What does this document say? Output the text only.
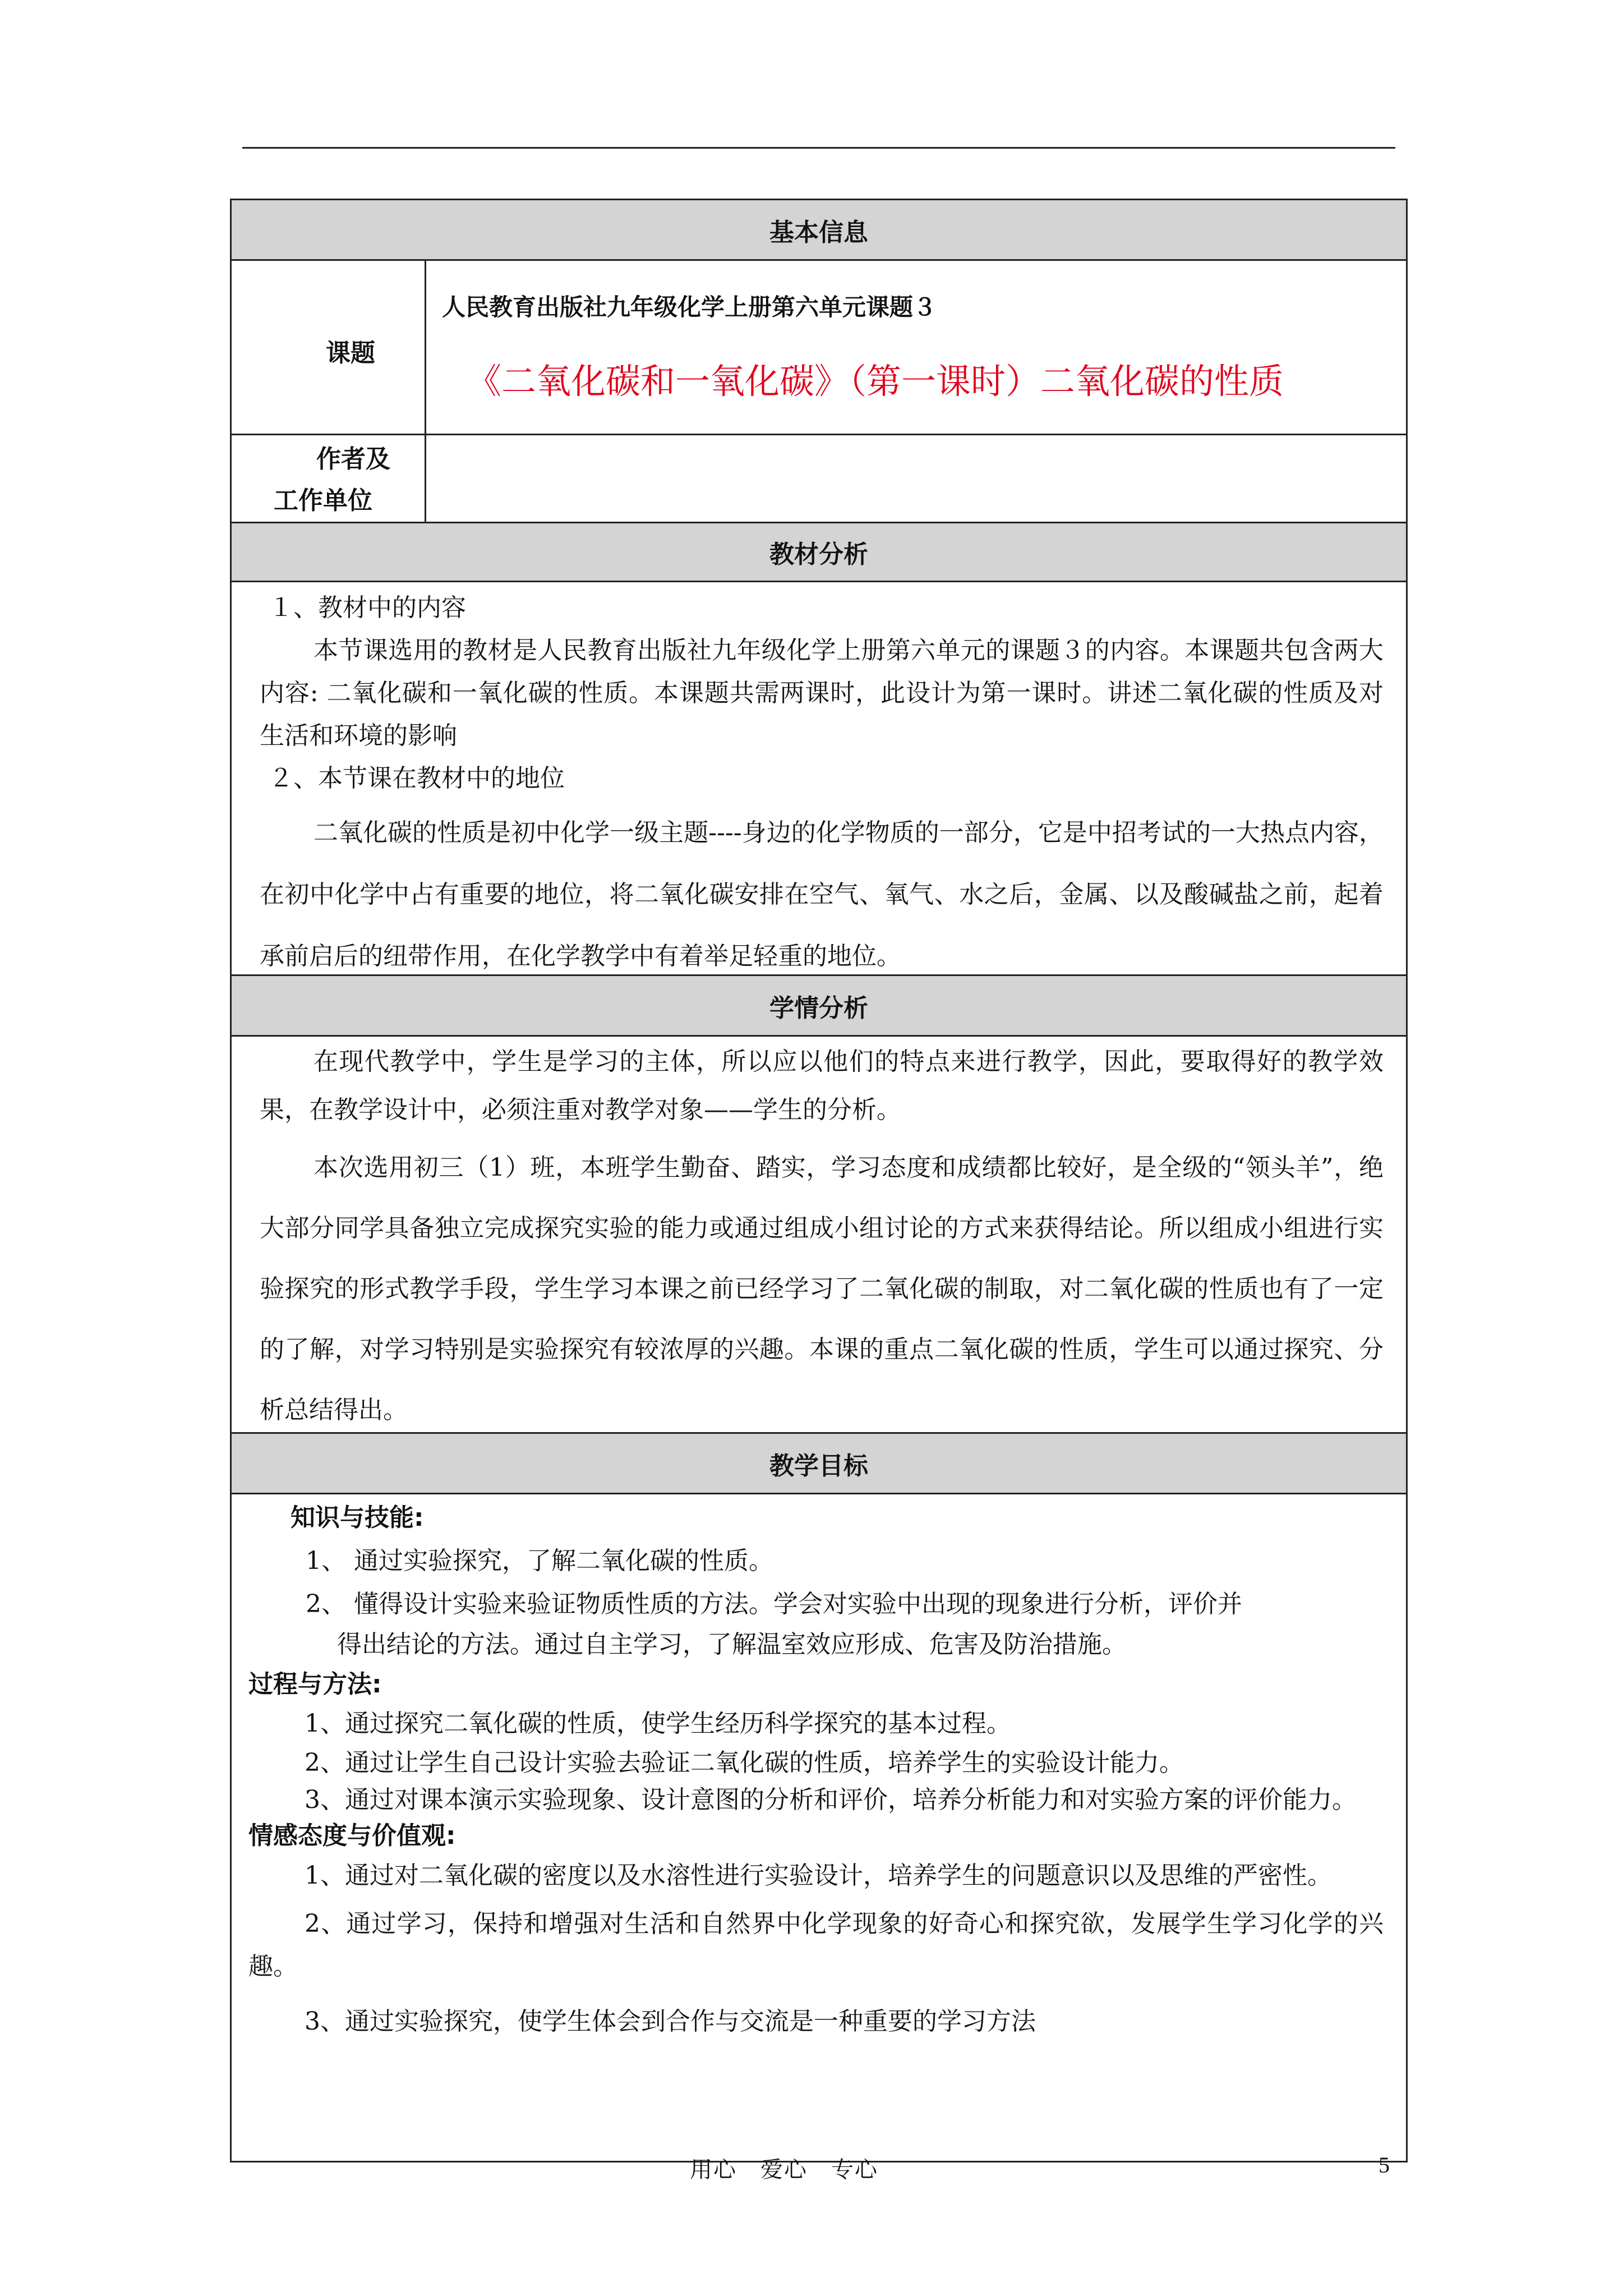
基本信息
课题
人民教育出版社九年级化学上册第六单元课题３
《二氧化碳和一氧化碳》（第一课时）二氧化碳的性质
作者及
工作单位
教材分析

１、教材中的内容

本节课选用的教材是人民教育出版社九年级化学上册第六单元的课题３的内容。本课题共包含两大内容: 二氧化碳和一氧化碳的性质。本课题共需两课时，此设计为第一课时。讲述二氧化碳的性质及对生活和环境的影响

２、本节课在教材中的地位

二氧化碳的性质是初中化学一级主题----身边的化学物质的一部分，它是中招考试的一大热点内容，在初中化学中占有重要的地位，将二氧化碳安排在空气、氧气、水之后，金属、以及酸碱盐之前，起着承前启后的纽带作用，在化学教学中有着举足轻重的地位。

学情分析

在现代教学中，学生是学习的主体，所以应以他们的特点来进行教学，因此，要取得好的教学效果，在教学设计中，必须注重对教学对象——学生的分析。

本次选用初三（1）班，本班学生勤奋、踏实，学习态度和成绩都比较好，是全级的“领头羊”，绝大部分同学具备独立完成探究实验的能力或通过组成小组讨论的方式来获得结论。所以组成小组进行实验探究的形式教学手段，学生学习本课之前已经学习了二氧化碳的制取，对二氧化碳的性质也有了一定的了解，对学习特别是实验探究有较浓厚的兴趣。本课的重点二氧化碳的性质，学生可以通过探究、分析总结得出。

教学目标

知识与技能:

1、 通过实验探究，了解二氧化碳的性质。

2、 懂得设计实验来验证物质性质的方法。学会对实验中出现的现象进行分析，评价并

得出结论的方法。通过自主学习，了解温室效应形成、危害及防治措施。

过程与方法:

1、通过探究二氧化碳的性质，使学生经历科学探究的基本过程。

2、通过让学生自己设计实验去验证二氧化碳的性质，培养学生的实验设计能力。

3、通过对课本演示实验现象、设计意图的分析和评价，培养分析能力和对实验方案的评价能力。

情感态度与价值观:

1、通过对二氧化碳的密度以及水溶性进行实验设计，培养学生的问题意识以及思维的严密性。

2、通过学习，保持和增强对生活和自然界中化学现象的好奇心和探究欲，发展学生学习化学的兴趣。

3、通过实验探究，使学生体会到合作与交流是一种重要的学习方法

用心　爱心　专心	5
